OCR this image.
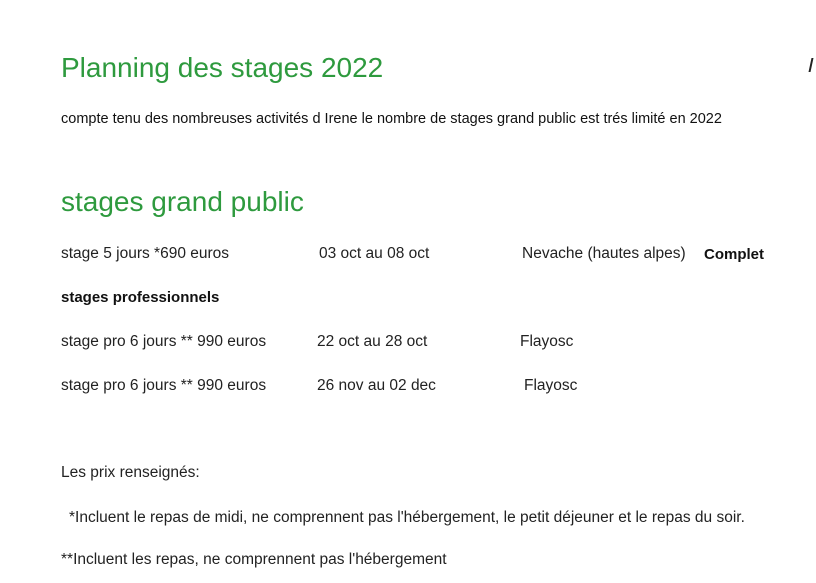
Planning des stages 2022
compte tenu des nombreuses activités d Irene le nombre de stages grand public est trés limité en 2022
stages grand public
stage 5 jours *690 euros	03 oct au 08 oct	Nevache (hautes alpes) Complet
stages professionnels
stage pro 6 jours ** 990 euros	22 oct au 28 oct	Flayosc
stage pro 6 jours ** 990 euros	26 nov au 02 dec	Flayosc
Les prix renseignés:
*Incluent le repas de midi, ne comprennent pas l'hébergement, le petit déjeuner et le repas du soir.
**Incluent les repas, ne comprennent pas l'hébergement
